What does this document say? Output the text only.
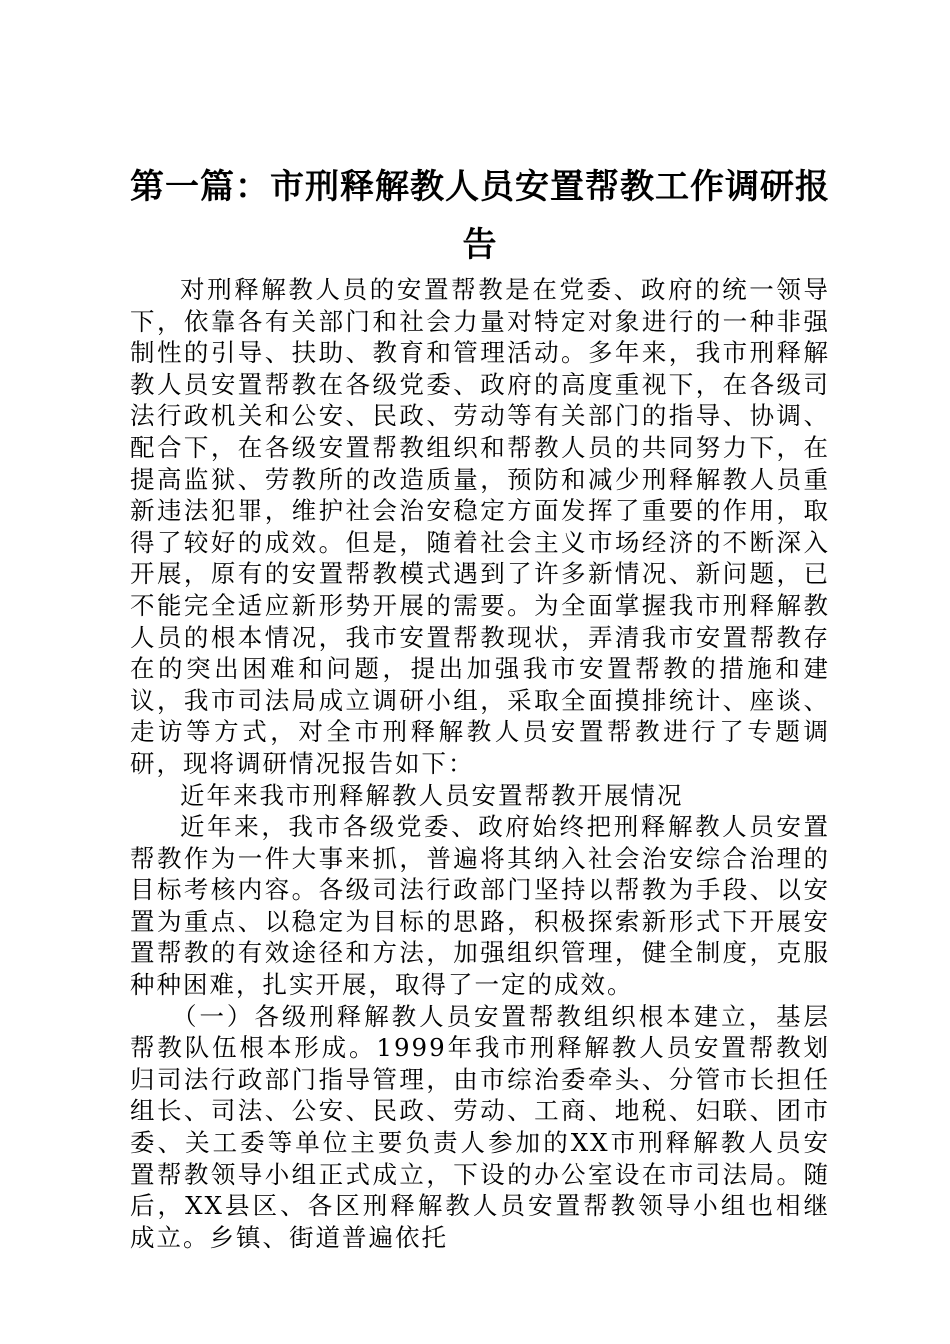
第一篇：市刑释解教人员安置帮教工作调研报告

对刑释解教人员的安置帮教是在党委、政府的统一领导下，依靠各有关部门和社会力量对特定对象进行的一种非强制性的引导、扶助、教育和管理活动。多年来，我市刑释解教人员安置帮教在各级党委、政府的高度重视下，在各级司法行政机关和公安、民政、劳动等有关部门的指导、协调、配合下，在各级安置帮教组织和帮教人员的共同努力下，在提高监狱、劳教所的改造质量，预防和减少刑释解教人员重新违法犯罪，维护社会治安稳定方面发挥了重要的作用，取得了较好的成效。但是，随着社会主义市场经济的不断深入开展，原有的安置帮教模式遇到了许多新情况、新问题，已不能完全适应新形势开展的需要。为全面掌握我市刑释解教人员的根本情况，我市安置帮教现状，弄清我市安置帮教存在的突出困难和问题，提出加强我市安置帮教的措施和建议，我市司法局成立调研小组，采取全面摸排统计、座谈、走访等方式，对全市刑释解教人员安置帮教进行了专题调研，现将调研情况报告如下：

近年来我市刑释解教人员安置帮教开展情况

近年来，我市各级党委、政府始终把刑释解教人员安置帮教作为一件大事来抓，普遍将其纳入社会治安综合治理的目标考核内容。各级司法行政部门坚持以帮教为手段、以安置为重点、以稳定为目标的思路，积极探索新形式下开展安置帮教的有效途径和方法，加强组织管理，健全制度，克服种种困难，扎实开展，取得了一定的成效。

（一）各级刑释解教人员安置帮教组织根本建立，基层帮教队伍根本形成。1999年我市刑释解教人员安置帮教划归司法行政部门指导管理，由市综治委牵头、分管市长担任组长、司法、公安、民政、劳动、工商、地税、妇联、团市委、关工委等单位主要负责人参加的XX市刑释解教人员安置帮教领导小组正式成立，下设的办公室设在市司法局。随后，XX县区、各区刑释解教人员安置帮教领导小组也相继成立。乡镇、街道普遍依托
